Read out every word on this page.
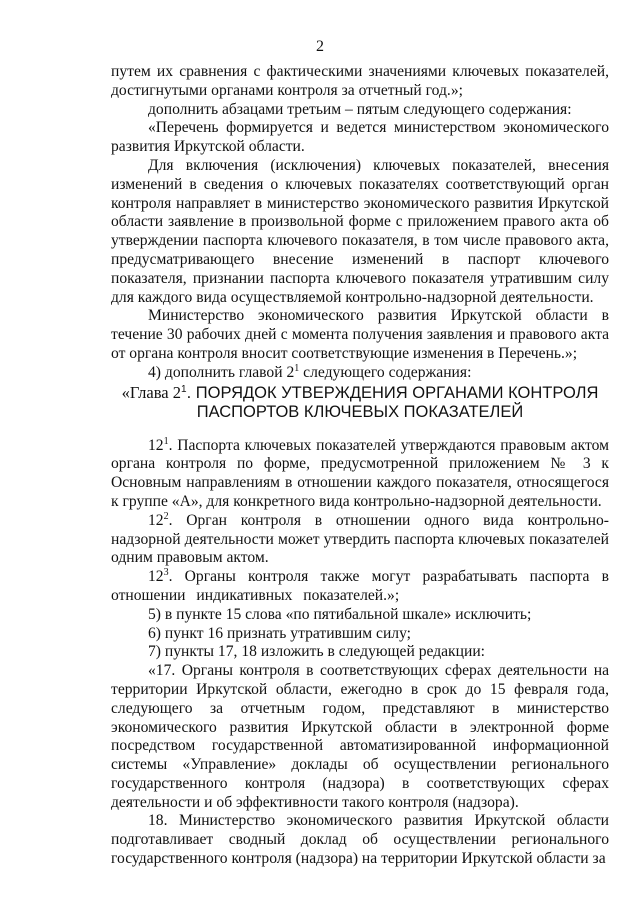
2

путем их сравнения с фактическими значениями ключевых показателей, достигнутыми органами контроля за отчетный год.»;

дополнить абзацами третьим – пятым следующего содержания:

«Перечень формируется и ведется министерством экономического развития Иркутской области.

Для включения (исключения) ключевых показателей, внесения изменений в сведения о ключевых показателях соответствующий орган контроля направляет в министерство экономического развития Иркутской области заявление в произвольной форме с приложением правого акта об утверждении паспорта ключевого показателя, в том числе правового акта, предусматривающего внесение изменений в паспорт ключевого показателя, признании паспорта ключевого показателя утратившим силу для каждого вида осуществляемой контрольно-надзорной деятельности.

Министерство экономического развития Иркутской области в течение 30 рабочих дней с момента получения заявления и правового акта от органа контроля вносит соответствующие изменения в Перечень.»;

4) дополнить главой $2^1$ следующего содержания:

«Глава $2^1$. ПОРЯДОК УТВЕРЖДЕНИЯ ОРГАНАМИ КОНТРОЛЯ

ПАСПОРТОВ КЛЮЧЕВЫХ ПОКАЗАТЕЛЕЙ

$12^1$. Паспорта ключевых показателей утверждаются правовым актом органа контроля по форме, предусмотренной приложением № 3 к Основным направлениям в отношении каждого показателя, относящегося к группе «А», для конкретного вида контрольно-надзорной деятельности.

$12^2$. Орган контроля в отношении одного вида контрольно-надзорной деятельности может утвердить паспорта ключевых показателей одним правовым актом.

$12^3$. Органы контроля также могут разрабатывать паспорта в отношении индикативных показателей.»;

5) в пункте 15 слова «по пятибальной шкале» исключить;

6) пункт 16 признать утратившим силу;

7) пункты 17, 18 изложить в следующей редакции:

«17. Органы контроля в соответствующих сферах деятельности на территории Иркутской области, ежегодно в срок до 15 февраля года, следующего за отчетным годом, представляют в министерство экономического развития Иркутской области в электронной форме посредством государственной автоматизированной информационной системы «Управление» доклады об осуществлении регионального государственного контроля (надзора) в соответствующих сферах деятельности и об эффективности такого контроля (надзора).

18. Министерство экономического развития Иркутской области подготавливает сводный доклад об осуществлении регионального государственного контроля (надзора) на территории Иркутской области за
